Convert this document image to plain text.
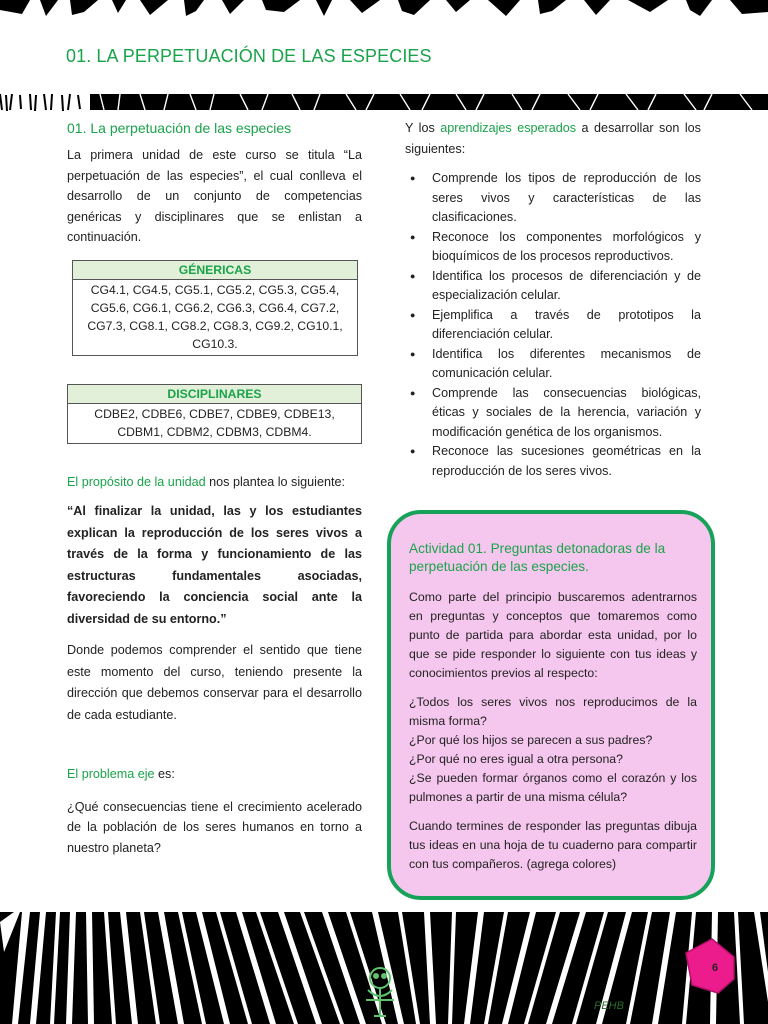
01. LA PERPETUACIÓN DE LAS ESPECIES
01. La perpetuación de las especies

La primera unidad de este curso se titula “La perpetuación de las especies”, el cual conlleva el desarrollo de un conjunto de competencias genéricas y disciplinares que se enlistan a continuación.

GÉNERICAS
CG4.1, CG4.5, CG5.1, CG5.2, CG5.3, CG5.4, CG5.6, CG6.1, CG6.2, CG6.3, CG6.4, CG7.2, CG7.3, CG8.1, CG8.2, CG8.3, CG9.2, CG10.1, CG10.3.
DISCIPLINARES
CDBE2, CDBE6, CDBE7, CDBE9, CDBE13, CDBM1, CDBM2, CDBM3, CDBM4.

El propósito de la unidad nos plantea lo siguiente:

“Al finalizar la unidad, las y los estudiantes explican la reproducción de los seres vivos a través de la forma y funcionamiento de las estructuras fundamentales asociadas, favoreciendo la conciencia social ante la diversidad de su entorno.”

Donde podemos comprender el sentido que tiene este momento del curso, teniendo presente la dirección que debemos conservar para el desarrollo de cada estudiante.

El problema eje es:

¿Qué consecuencias tiene el crecimiento acelerado de la población de los seres humanos en torno a nuestro planeta?

Y los aprendizajes esperados a desarrollar son los siguientes:

● Comprende los tipos de reproducción de los seres vivos y características de las clasificaciones.
● Reconoce los componentes morfológicos y bioquímicos de los procesos reproductivos.
● Identifica los procesos de diferenciación y de especialización celular.
● Ejemplifica a través de prototipos la diferenciación celular.
● Identifica los diferentes mecanismos de comunicación celular.
● Comprende las consecuencias biológicas, éticas y sociales de la herencia, variación y modificación genética de los organismos.
● Reconoce las sucesiones geométricas en la reproducción de los seres vivos.
Actividad 01. Preguntas detonadoras de la perpetuación de las especies.

Como parte del principio buscaremos adentrarnos en preguntas y conceptos que tomaremos como punto de partida para abordar esta unidad, por lo que se pide responder lo siguiente con tus ideas y conocimientos previos al respecto:

¿Todos los seres vivos nos reproducimos de la misma forma?

¿Por qué los hijos se parecen a sus padres?

¿Por qué no eres igual a otra persona?

¿Se pueden formar órganos como el corazón y los pulmones a partir de una misma célula?

Cuando termines de responder las preguntas dibuja tus ideas en una hoja de tu cuaderno para compartir con tus compañeros. (agrega colores)

6
PEHB
